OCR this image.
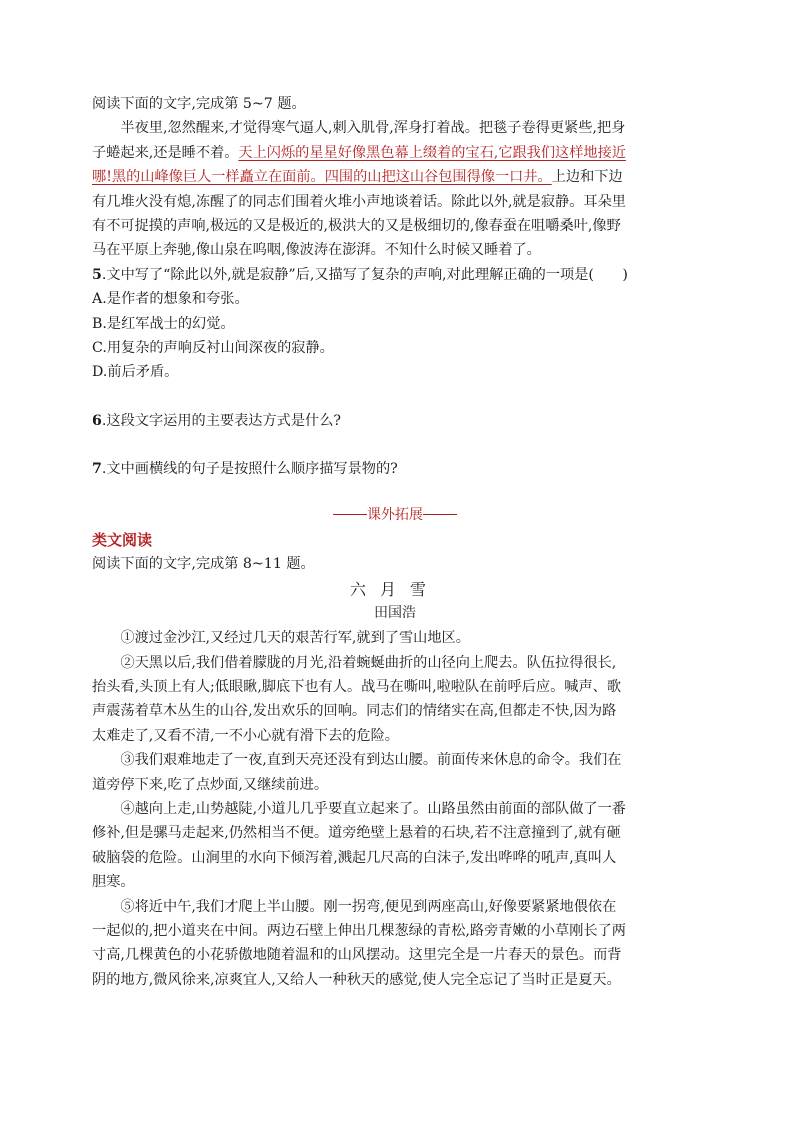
阅读下面的文字,完成第 5~7 题。
半夜里,忽然醒来,才觉得寒气逼人,刺入肌骨,浑身打着战。把毯子卷得更紧些,把身
子蜷起来,还是睡不着。天上闪烁的星星好像黑色幕上缀着的宝石,它跟我们这样地接近
哪!黑的山峰像巨人一样矗立在面前。四围的山把这山谷包围得像一口井。上边和下边
有几堆火没有熄,冻醒了的同志们围着火堆小声地谈着话。除此以外,就是寂静。耳朵里
有不可捉摸的声响,极远的又是极近的,极洪大的又是极细切的,像春蚕在咀嚼桑叶,像野
马在平原上奔驰,像山泉在呜咽,像波涛在澎湃。不知什么时候又睡着了。
5.文中写了“除此以外,就是寂静”后,又描写了复杂的声响,对此理解正确的一项是(　　)
A.是作者的想象和夸张。
B.是红军战士的幻觉。
C.用复杂的声响反衬山间深夜的寂静。
D.前后矛盾。
6.这段文字运用的主要表达方式是什么?
7.文中画横线的句子是按照什么顺序描写景物的?
课外拓展
类文阅读
阅读下面的文字,完成第 8~11 题。
六月雪
田国浩
①渡过金沙江,又经过几天的艰苦行军,就到了雪山地区。
②天黑以后,我们借着朦胧的月光,沿着蜿蜒曲折的山径向上爬去。队伍拉得很长,
抬头看,头顶上有人;低眼瞅,脚底下也有人。战马在嘶叫,啦啦队在前呼后应。喊声、歌
声震荡着草木丛生的山谷,发出欢乐的回响。同志们的情绪实在高,但都走不快,因为路
太难走了,又看不清,一不小心就有滑下去的危险。
③我们艰难地走了一夜,直到天亮还没有到达山腰。前面传来休息的命令。我们在
道旁停下来,吃了点炒面,又继续前进。
④越向上走,山势越陡,小道儿几乎要直立起来了。山路虽然由前面的部队做了一番
修补,但是骡马走起来,仍然相当不便。道旁绝壁上悬着的石块,若不注意撞到了,就有砸
破脑袋的危险。山涧里的水向下倾泻着,溅起几尺高的白沫子,发出哗哗的吼声,真叫人
胆寒。
⑤将近中午,我们才爬上半山腰。刚一拐弯,便见到两座高山,好像要紧紧地偎依在
一起似的,把小道夹在中间。两边石壁上伸出几棵葱绿的青松,路旁青嫩的小草刚长了两
寸高,几棵黄色的小花骄傲地随着温和的山风摆动。这里完全是一片春天的景色。而背
阴的地方,微风徐来,凉爽宜人,又给人一种秋天的感觉,使人完全忘记了当时正是夏天。
